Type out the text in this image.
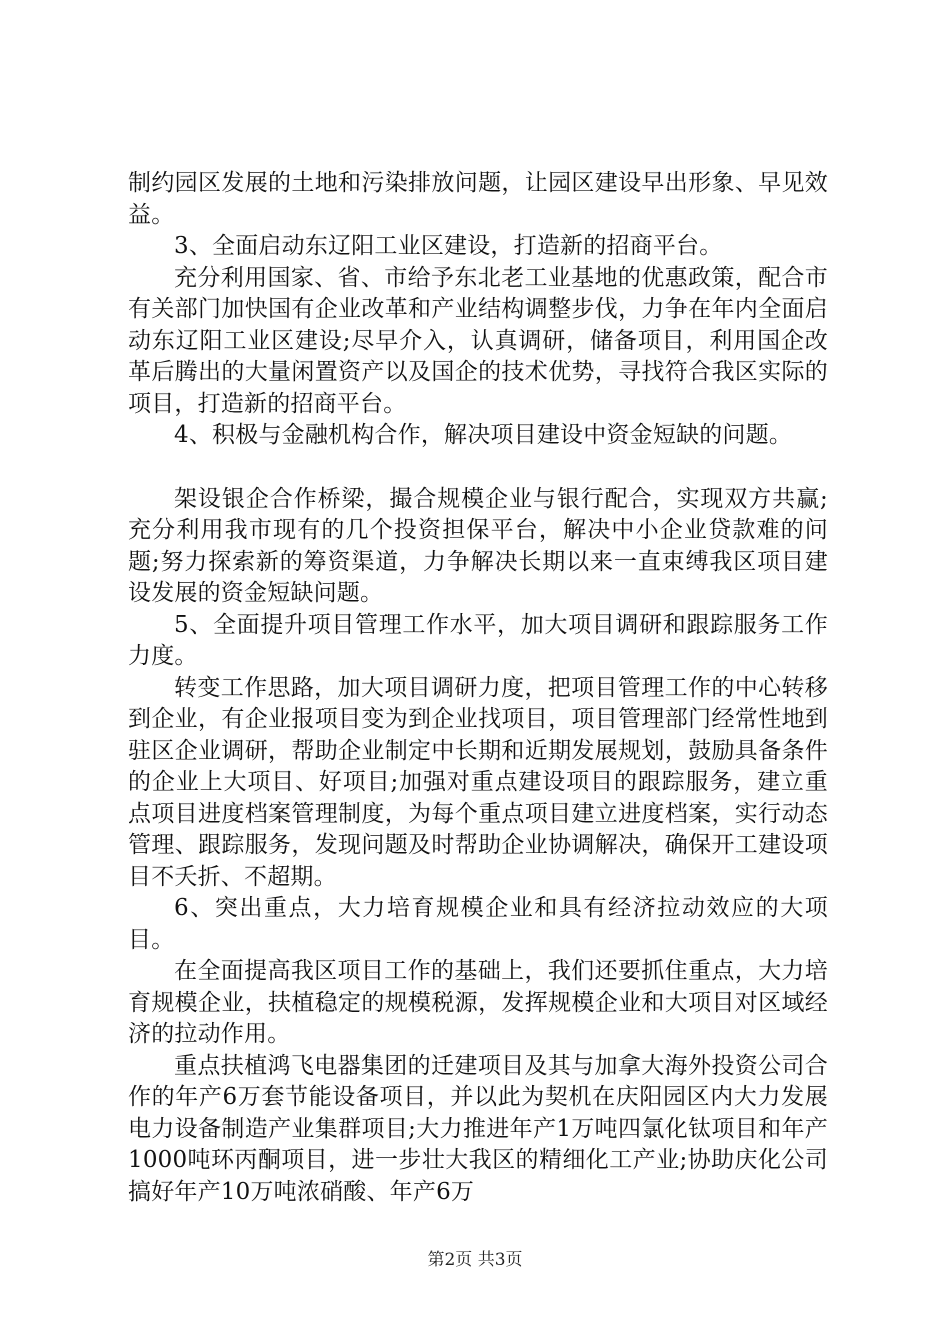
制约园区发展的土地和污染排放问题，让园区建设早出形象、早见效益。

3、全面启动东辽阳工业区建设，打造新的招商平台。

充分利用国家、省、市给予东北老工业基地的优惠政策，配合市有关部门加快国有企业改革和产业结构调整步伐，力争在年内全面启动东辽阳工业区建设;尽早介入，认真调研，储备项目，利用国企改革后腾出的大量闲置资产以及国企的技术优势，寻找符合我区实际的项目，打造新的招商平台。

4、积极与金融机构合作，解决项目建设中资金短缺的问题。

架设银企合作桥梁，撮合规模企业与银行配合，实现双方共赢;充分利用我市现有的几个投资担保平台，解决中小企业贷款难的问题;努力探索新的筹资渠道，力争解决长期以来一直束缚我区项目建设发展的资金短缺问题。

5、全面提升项目管理工作水平，加大项目调研和跟踪服务工作力度。

转变工作思路，加大项目调研力度，把项目管理工作的中心转移到企业，有企业报项目变为到企业找项目，项目管理部门经常性地到驻区企业调研，帮助企业制定中长期和近期发展规划，鼓励具备条件的企业上大项目、好项目;加强对重点建设项目的跟踪服务，建立重点项目进度档案管理制度，为每个重点项目建立进度档案，实行动态管理、跟踪服务，发现问题及时帮助企业协调解决，确保开工建设项目不夭折、不超期。

6、突出重点，大力培育规模企业和具有经济拉动效应的大项目。

在全面提高我区项目工作的基础上，我们还要抓住重点，大力培育规模企业，扶植稳定的规模税源，发挥规模企业和大项目对区域经济的拉动作用。

重点扶植鸿飞电器集团的迁建项目及其与加拿大海外投资公司合作的年产6万套节能设备项目，并以此为契机在庆阳园区内大力发展电力设备制造产业集群项目;大力推进年产1万吨四氯化钛项目和年产1000吨环丙酮项目，进一步壮大我区的精细化工产业;协助庆化公司搞好年产10万吨浓硝酸、年产6万

第2页 共3页
